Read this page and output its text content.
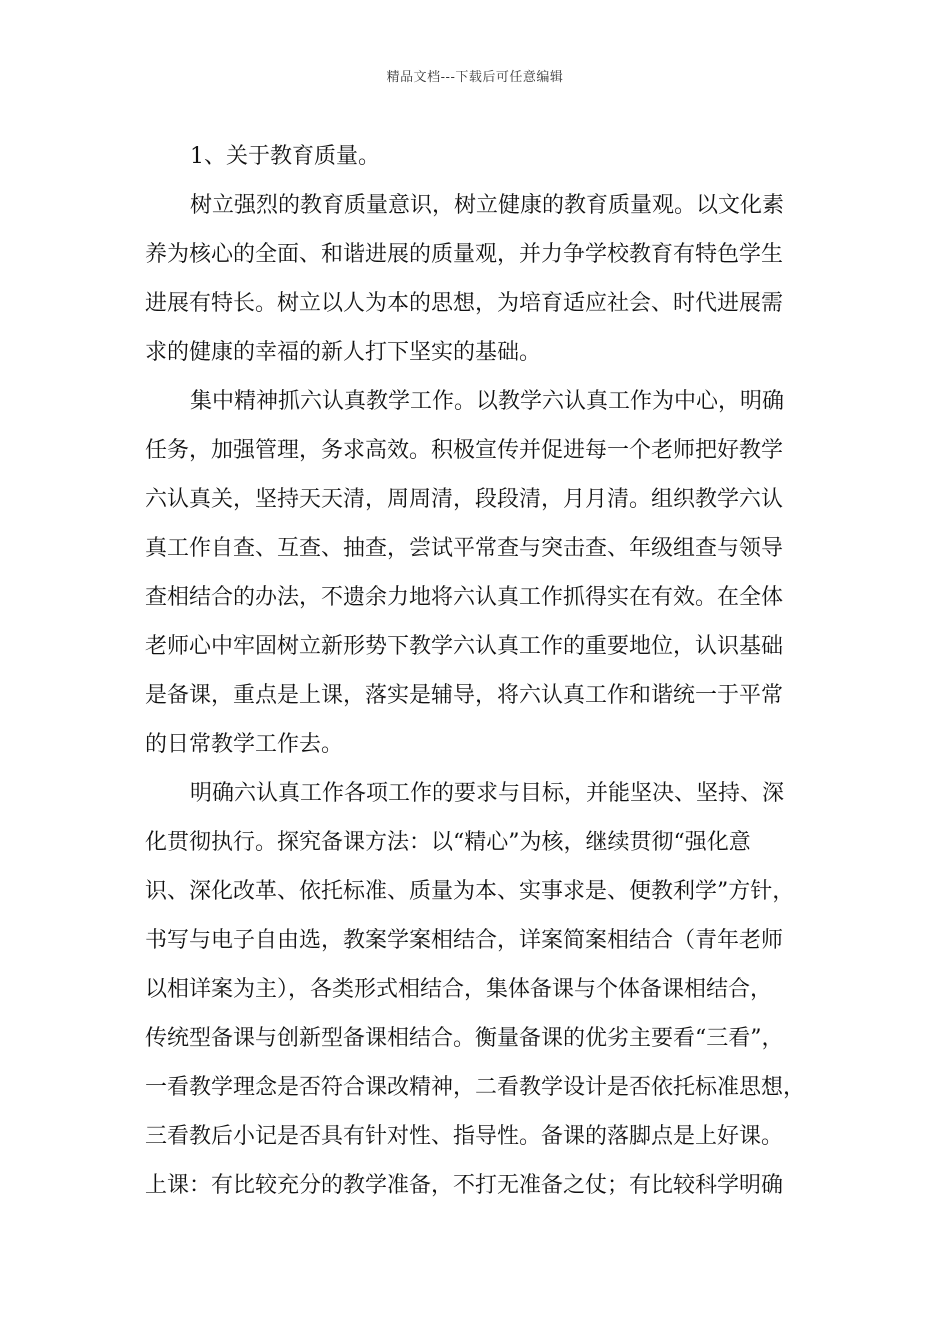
精品文档---下载后可任意编辑

1、关于教育质量。

树立强烈的教育质量意识，树立健康的教育质量观。以文化素
养为核心的全面、和谐进展的质量观，并力争学校教育有特色学生
进展有特长。树立以人为本的思想，为培育适应社会、时代进展需
求的健康的幸福的新人打下坚实的基础。

集中精神抓六认真教学工作。以教学六认真工作为中心，明确
任务，加强管理，务求高效。积极宣传并促进每一个老师把好教学
六认真关，坚持天天清，周周清，段段清，月月清。组织教学六认
真工作自查、互查、抽查，尝试平常查与突击查、年级组查与领导
查相结合的办法，不遗余力地将六认真工作抓得实在有效。在全体
老师心中牢固树立新形势下教学六认真工作的重要地位，认识基础
是备课，重点是上课，落实是辅导，将六认真工作和谐统一于平常
的日常教学工作去。

明确六认真工作各项工作的要求与目标，并能坚决、坚持、深
化贯彻执行。探究备课方法：以“精心”为核，继续贯彻“强化意
识、深化改革、依托标准、质量为本、实事求是、便教利学”方针，
书写与电子自由选，教案学案相结合，详案简案相结合（青年老师
以相详案为主），各类形式相结合，集体备课与个体备课相结合，
传统型备课与创新型备课相结合。衡量备课的优劣主要看“三看”，
一看教学理念是否符合课改精神，二看教学设计是否依托标准思想，
三看教后小记是否具有针对性、指导性。备课的落脚点是上好课。
上课：有比较充分的教学准备，不打无准备之仗；有比较科学明确
